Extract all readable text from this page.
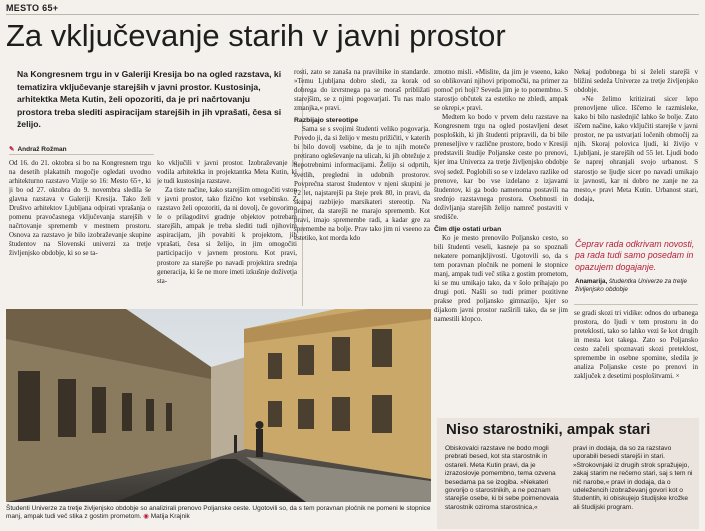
MESTO 65+
Za vključevanje starih v javni prostor
Na Kongresnem trgu in v Galeriji Kresija bo na ogled razstava, ki tematizira vključevanje starejših v javni prostor. Kustosinja, arhitektka Meta Kutin, želi opozoriti, da je pri načrtovanju prostora treba slediti aspiracijam starejših in jih vprašati, česa si želijo.
✎ Andraž Rožman

Od 16. do 21. oktobra si bo na Kongresnem trgu na desetih plakatnih mogočje ogledati uvodno arhitekturno razstavo Vizije so 16: Mesto 65+, ki ji bo od 27. oktobra do 9. novembra sledila še glavna razstava v Galeriji Kresija. Tako želi Društvo arhitektov Ljubljana odpirati vprašanja o pomenu pravočasnega vključevanja starejših v načrtovanje sprememb v mestnem prostoru. Osnova za razstavo je bilo izobraževanje skupine študentov na Slovenski univerzi za tretje življenjsko obdobje, ki so se ta-

ko vključili v javni prostor. Izobraževanje je vodila arhitektka in projektantka Meta Kutin, ki je tudi kustosinja razstave.

Za tiste načine, kako starejšim omogočiti vstop v javni prostor, tako fizično kot vsebinsko. Z razstavo želi opozoriti, da ni dovolj, če govorimo le o prilagoditvi gradnje objektov potrebam starejših, ampak je treba slediti tudi njihovim aspiracijam, jih povabiti k projektom, jih vprašati, česa si želijo, in jim omogočiti participacijo v javnem prostoru. Kot pravi, prostore za starejše po navadi projektira srednja generacija, ki še ne more imeti izkušnje doživetja sta-

rosti, zato se zanaša na pravilnike in standarde. »Temu Ljubljana dobro sledi, za korak od dobrega do izvrstnega pa se moraš približati starejšim, se z njimi pogovarjati. Tu nas malo zmanjka,« pravi.

Razbijajo stereotipe

Sama se s svojimi študenti veliko pogovarja. Povedo ji, da si želijo v mestu prižičiti, v katerih bi bilo dovolj vsebine, da je to njih moteče pretirano ogleševanje na ulicah, ki jih obtežuje z nepotrebnimi informacijami. Želijo si odprtih, svetlih, pregledni in udobnih prostorov. Povprečna starost študentov v njeni skupini je 72 let, najstarejši pa šteje prek 80, in pravi, da skupaj razbijejo marsikateri stereotip. Na primer, da starejši ne marajo sprememb. Kot pravi, imajo spremembe radi, a kadar gre za spremembe na bolje. Prav tako jim ni vseeno za estetiko, kot morda kdo

zmotno misli. »Mislite, da jim je vseeno, kako so oblikovani njihovi pripomočki, na primer za pomoč pri hoji? Seveda jim je to pomembno. S starostjo občutek za estetiko ne zbledi, ampak se okrepi,« pravi.

Medtem ko bodo v prvem delu razstave na Kongresnem trgu na ogled postavljeni deset posploških, ki jih študenti pripravili, da bi bile preneseljive v različne prostore, bodo v Kresiji predstavili študije Poljanske ceste po prenovi, kjer ima Univerza za tretje življenjsko obdobje svoj sedež. Poglobili so se v izdelavo razlike od prenove, kar bo vse izdelano z izjavami študentov, ki ga bodo namenoma postavili na srednjo razstavnega prostora. Osebnosti in doživljanja starejših želijo namreč postaviti v središče.

Čim dlje ostati urban

Ko je mesto prenovilo Poljansko cesto, so bili študenti veseli, kasneje pa so spoznali nekatere pomanjkljivosti. Ugotovili so, da s tem poravnan pločnik ne pomeni le stopnice manj, ampak tudi več stika z gostim prometom, ki se mu umikajo tako, da v šolo prihajajo po drugi poti. Našli so tudi primer pozitivne prakse pred poljansko gimnazijo, kjer so dijakom javni prostor razširili tako, da se jim namestili klopco.

Nekaj podobnega bi si želeli starejši v bližini sedeža Univerze za tretje življenjsko obdobje.

»Ne želimo kritizirati sicer lepo prenovljene ulice. Iščemo le razmisleke, kako bi bilo naslednjič lahko še bolje. Zato iščem načine, kako vključiti starejše v javni prostor, ne pa ustvarjati ločenih območij za njih. Skoraj polovica ljudi, ki živijo v Ljubljani, je starejših od 55 let. Ljudi bodo še naprej ohranjali svojo urbanost. S starostjo se ljudje sicer po navadi umikajo iz javnosti, kar ni dobro ne zanje ne za mesto,« pravi Meta Kutin. Urbanost stari, dodaja,

Čeprav rada odkrivam novosti, pa rada tudi samo posedam in opazujem dogajanje.
Anamarija, študentka Univerze za tretje življenjsko obdobje

se gradi skozi tri vidike: odnos do urbanega prostora, do ljudi v tem prostoru in do preteklosti, tako so lahko vezi še kot drugih in mesta kot takega. Zato so Poljansko cesto začeli spoznavati skozi preteklost, spremembe in osebne spomine, sledila je analiza Poljanske ceste po prenovi in zaključek z desetimi posplošitvami. ×

Študenti Univerze za tretje življenjsko obdobje so analizirali prenovo Poljanske ceste. Ugotovili so, da s tem poravnan pločnik ne pomeni le stopnice manj, ampak tudi več stika z gostim prometom. ◉ Matija Krajnik
Obiskovalci razstave ne bodo mogli prebrati besed, kot sta starostnik in ostareli. Meta Kutin pravi, da je izrazoslovje pomembno, tema ozvena besedama pa se izogiba. »Nekateri govorijo o starostnikih, a ne poznam starejše osebe, ki bi sebe poimenovala starostnik oziroma starostnica,«
pravi in dodaja, da so za razstavo uporabili besedi starejši in stari. »Strokovnjaki iz drugih strok spražujejo, zakaj starim ne rečemo stari, saj s tem ni nič narobe,« pravi in dodaja, da o udeležencih izobraževanj govori kot o študentih, ki obiskujejo študijske krožke ali študijski program.
Niso starostniki, ampak stari
